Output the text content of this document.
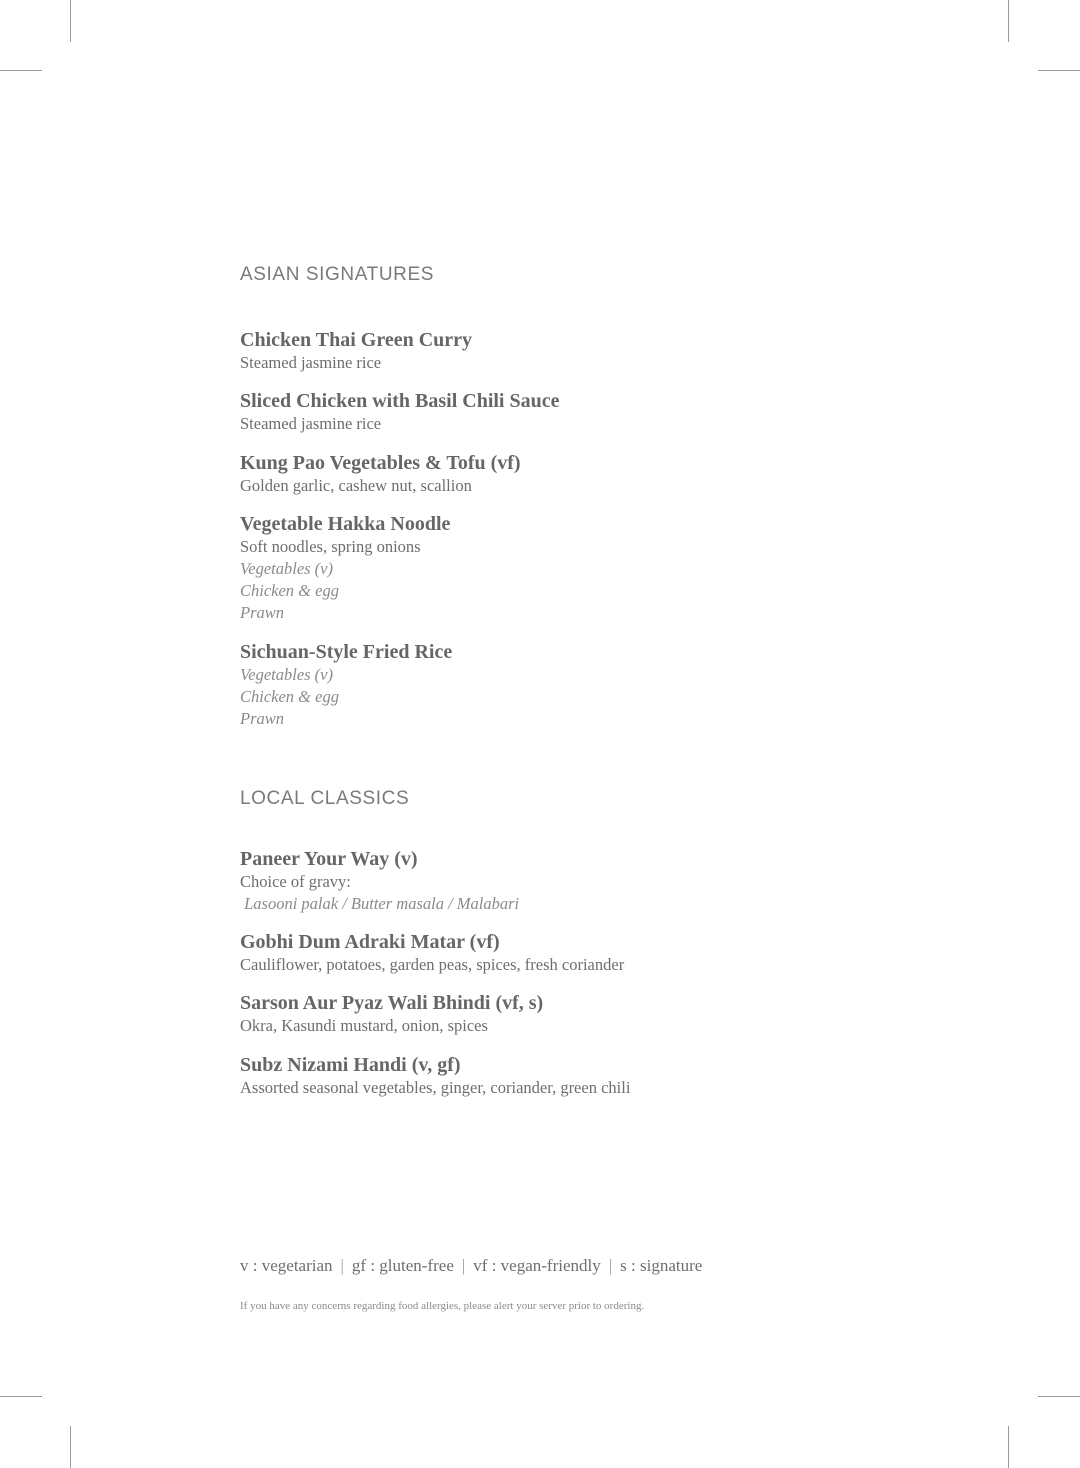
ASIAN SIGNATURES
Chicken Thai Green Curry
Steamed jasmine rice
Sliced Chicken with Basil Chili Sauce
Steamed jasmine rice
Kung Pao Vegetables & Tofu (vf)
Golden garlic, cashew nut, scallion
Vegetable Hakka Noodle
Soft noodles, spring onions
Vegetables (v)
Chicken & egg
Prawn
Sichuan-Style Fried Rice
Vegetables (v)
Chicken & egg
Prawn
LOCAL CLASSICS
Paneer Your Way (v)
Choice of gravy:
Lasooni palak / Butter masala / Malabari
Gobhi Dum Adraki Matar (vf)
Cauliflower, potatoes, garden peas, spices, fresh coriander
Sarson Aur Pyaz Wali Bhindi (vf, s)
Okra, Kasundi mustard, onion, spices
Subz Nizami Handi (v, gf)
Assorted seasonal vegetables, ginger, coriander, green chili
v : vegetarian | gf : gluten-free | vf : vegan-friendly | s : signature
If you have any concerns regarding food allergies, please alert your server prior to ordering.
